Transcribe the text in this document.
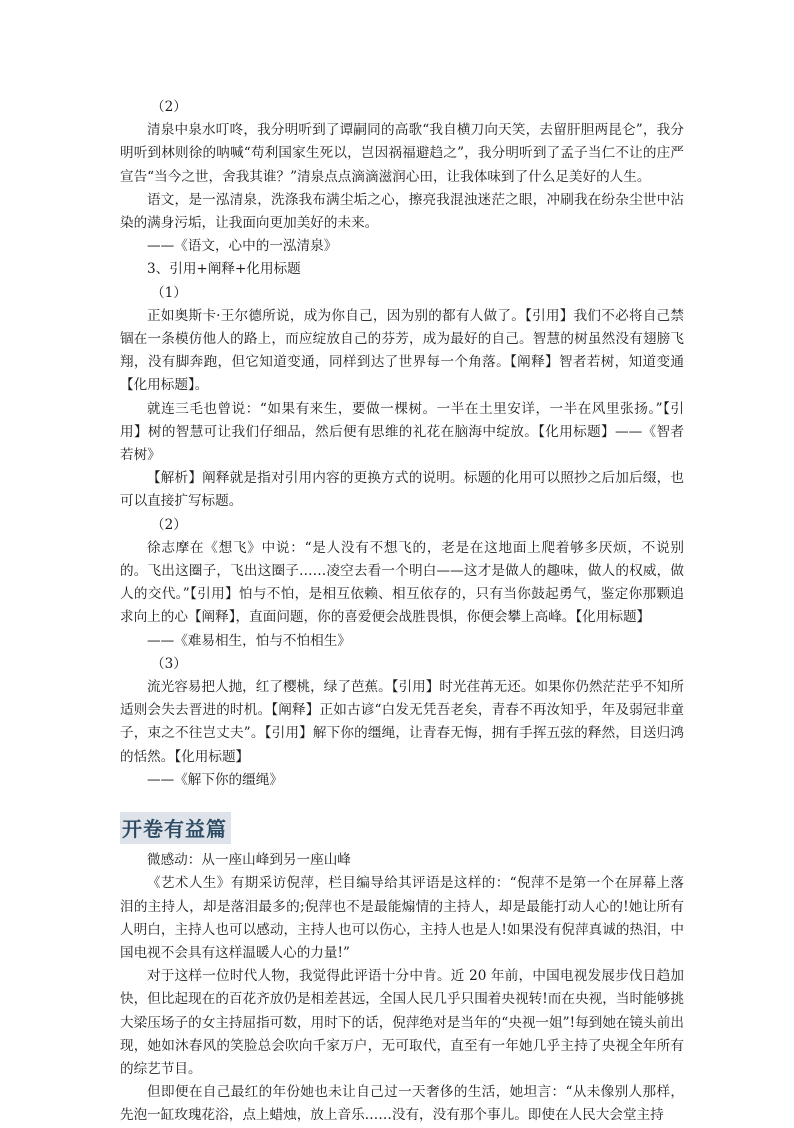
（2）

清泉中泉水叮咚，我分明听到了谭嗣同的高歌“我自横刀向天笑，去留肝胆两昆仑”，我分明听到林则徐的呐喊“苟利国家生死以，岂因祸福避趋之”，我分明听到了孟子当仁不让的庄严宣告“当今之世，舍我其谁？”清泉点点滴滴滋润心田，让我体味到了什么足美好的人生。

语文，是一泓清泉，洗涤我布满尘垢之心，擦亮我混浊迷茫之眼，冲刷我在纷杂尘世中沾染的满身污垢，让我面向更加美好的未来。

——《语文，心中的一泓清泉》

3、引用+阐释+化用标题

（1）

正如奥斯卡·王尔德所说，成为你自己，因为别的都有人做了。【引用】我们不必将自己禁锢在一条模仿他人的路上，而应绽放自己的芬芳，成为最好的自己。智慧的树虽然没有翅膀飞翔，没有脚奔跑，但它知道变通，同样到达了世界每一个角落。【阐释】智者若树，知道变通【化用标题】。

就连三毛也曾说：“如果有来生，要做一棵树。一半在土里安详，一半在风里张扬。”【引用】树的智慧可让我们仔细品，然后便有思维的礼花在脑海中绽放。【化用标题】——《智者若树》

【解析】阐释就是指对引用内容的更换方式的说明。标题的化用可以照抄之后加后缀，也可以直接扩写标题。

（2）

徐志摩在《想飞》中说：“是人没有不想飞的，老是在这地面上爬着够多厌烦，不说别的。飞出这圈子，飞出这圈子……凌空去看一个明白——这才是做人的趣味，做人的权威，做人的交代。”【引用】怕与不怕，是相互依赖、相互依存的，只有当你鼓起勇气，鉴定你那颗追求向上的心【阐释】，直面问题，你的喜爱便会战胜畏惧，你便会攀上高峰。【化用标题】

——《难易相生，怕与不怕相生》

（3）

流光容易把人抛，红了樱桃，绿了芭蕉。【引用】时光荏苒无还。如果你仍然茫茫乎不知所适则会失去晋进的时机。【阐释】正如古谚“白发无凭吾老矣，青春不再汝知乎，年及弱冠非童子，束之不往岂丈夫”。【引用】解下你的缰绳，让青春无悔，拥有手挥五弦的释然，目送归鸿的恬然。【化用标题】

——《解下你的缰绳》

开卷有益篇

微感动：从一座山峰到另一座山峰

《艺术人生》有期采访倪萍，栏目编导给其评语是这样的：“倪萍不是第一个在屏幕上落泪的主持人，却是落泪最多的;倪萍也不是最能煽情的主持人，却是最能打动人心的!她让所有人明白，主持人也可以感动，主持人也可以伤心，主持人也是人!如果没有倪萍真诚的热泪，中国电视不会具有这样温暖人心的力量!”

对于这样一位时代人物，我觉得此评语十分中肯。近 20 年前，中国电视发展步伐日趋加快，但比起现在的百花齐放仍是相差甚远，全国人民几乎只围着央视转!而在央视，当时能够挑大梁压场子的女主持屈指可数，用时下的话，倪萍绝对是当年的“央视一姐”!每到她在镜头前出现，她如沐春风的笑脸总会吹向千家万户，无可取代，直至有一年她几乎主持了央视全年所有的综艺节目。

但即便在自己最红的年份她也未让自己过一天奢侈的生活，她坦言：“从未像别人那样，先泡一缸玫瑰花浴，点上蜡烛，放上音乐……没有，没有那个事儿。即使在人民大会堂主持
